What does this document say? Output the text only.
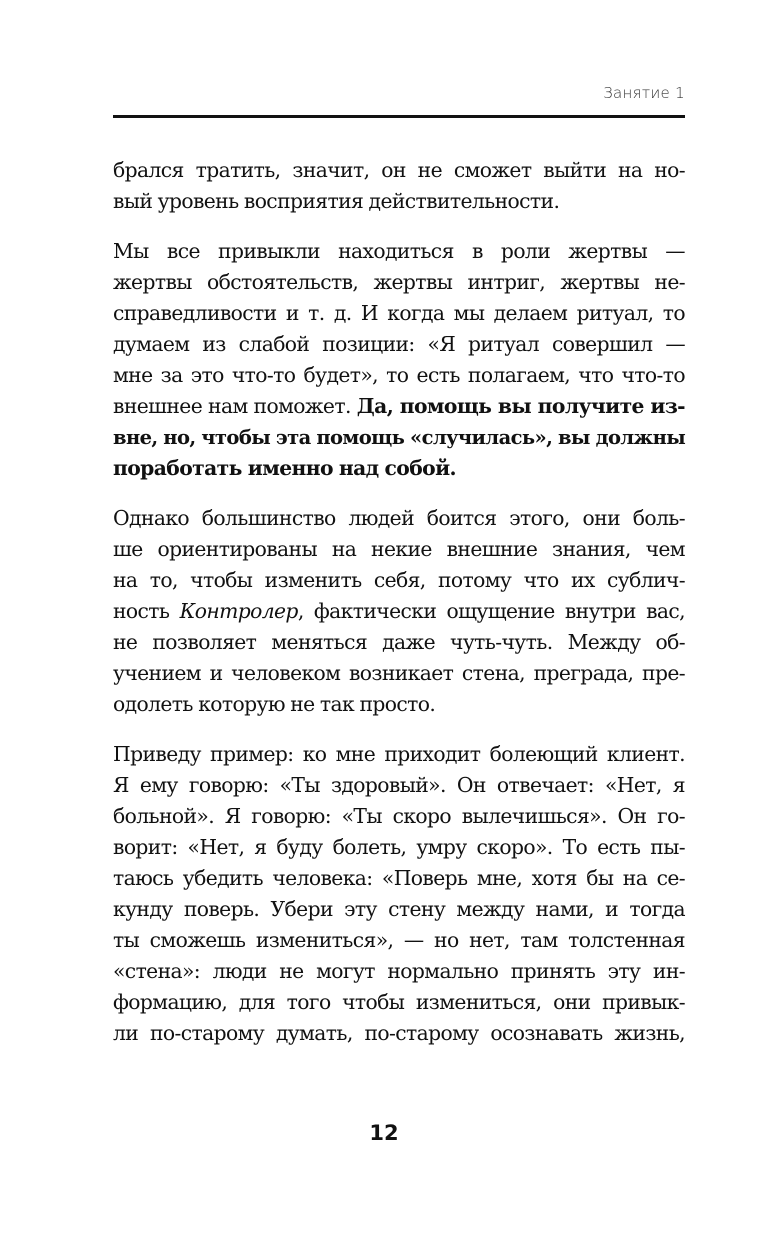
Занятие 1

брался тратить, значит, он не сможет выйти на но-
вый уровень восприятия действительности.

Мы все привыкли находиться в роли жертвы —
жертвы обстоятельств, жертвы интриг, жертвы не-
справедливости и т. д. И когда мы делаем ритуал, то
думаем из слабой позиции: «Я ритуал совершил —
мне за это что-то будет», то есть полагаем, что что-то
внешнее нам поможет. Да, помощь вы получите из-
вне, но, чтобы эта помощь «случилась», вы должны
поработать именно над собой.

Однако большинство людей боится этого, они боль-
ше ориентированы на некие внешние знания, чем
на то, чтобы изменить себя, потому что их сублич-
ность Контролер, фактически ощущение внутри вас,
не позволяет меняться даже чуть-чуть. Между об-
учением и человеком возникает стена, преграда, пре-
одолеть которую не так просто.

Приведу пример: ко мне приходит болеющий клиент.
Я ему говорю: «Ты здоровый». Он отвечает: «Нет, я
больной». Я говорю: «Ты скоро вылечишься». Он го-
ворит: «Нет, я буду болеть, умру скоро». То есть пы-
таюсь убедить человека: «Поверь мне, хотя бы на се-
кунду поверь. Убери эту стену между нами, и тогда
ты сможешь измениться», — но нет, там толстенная
«стена»: люди не могут нормально принять эту ин-
формацию, для того чтобы измениться, они привык-
ли по-старому думать, по-старому осознавать жизнь,

12
